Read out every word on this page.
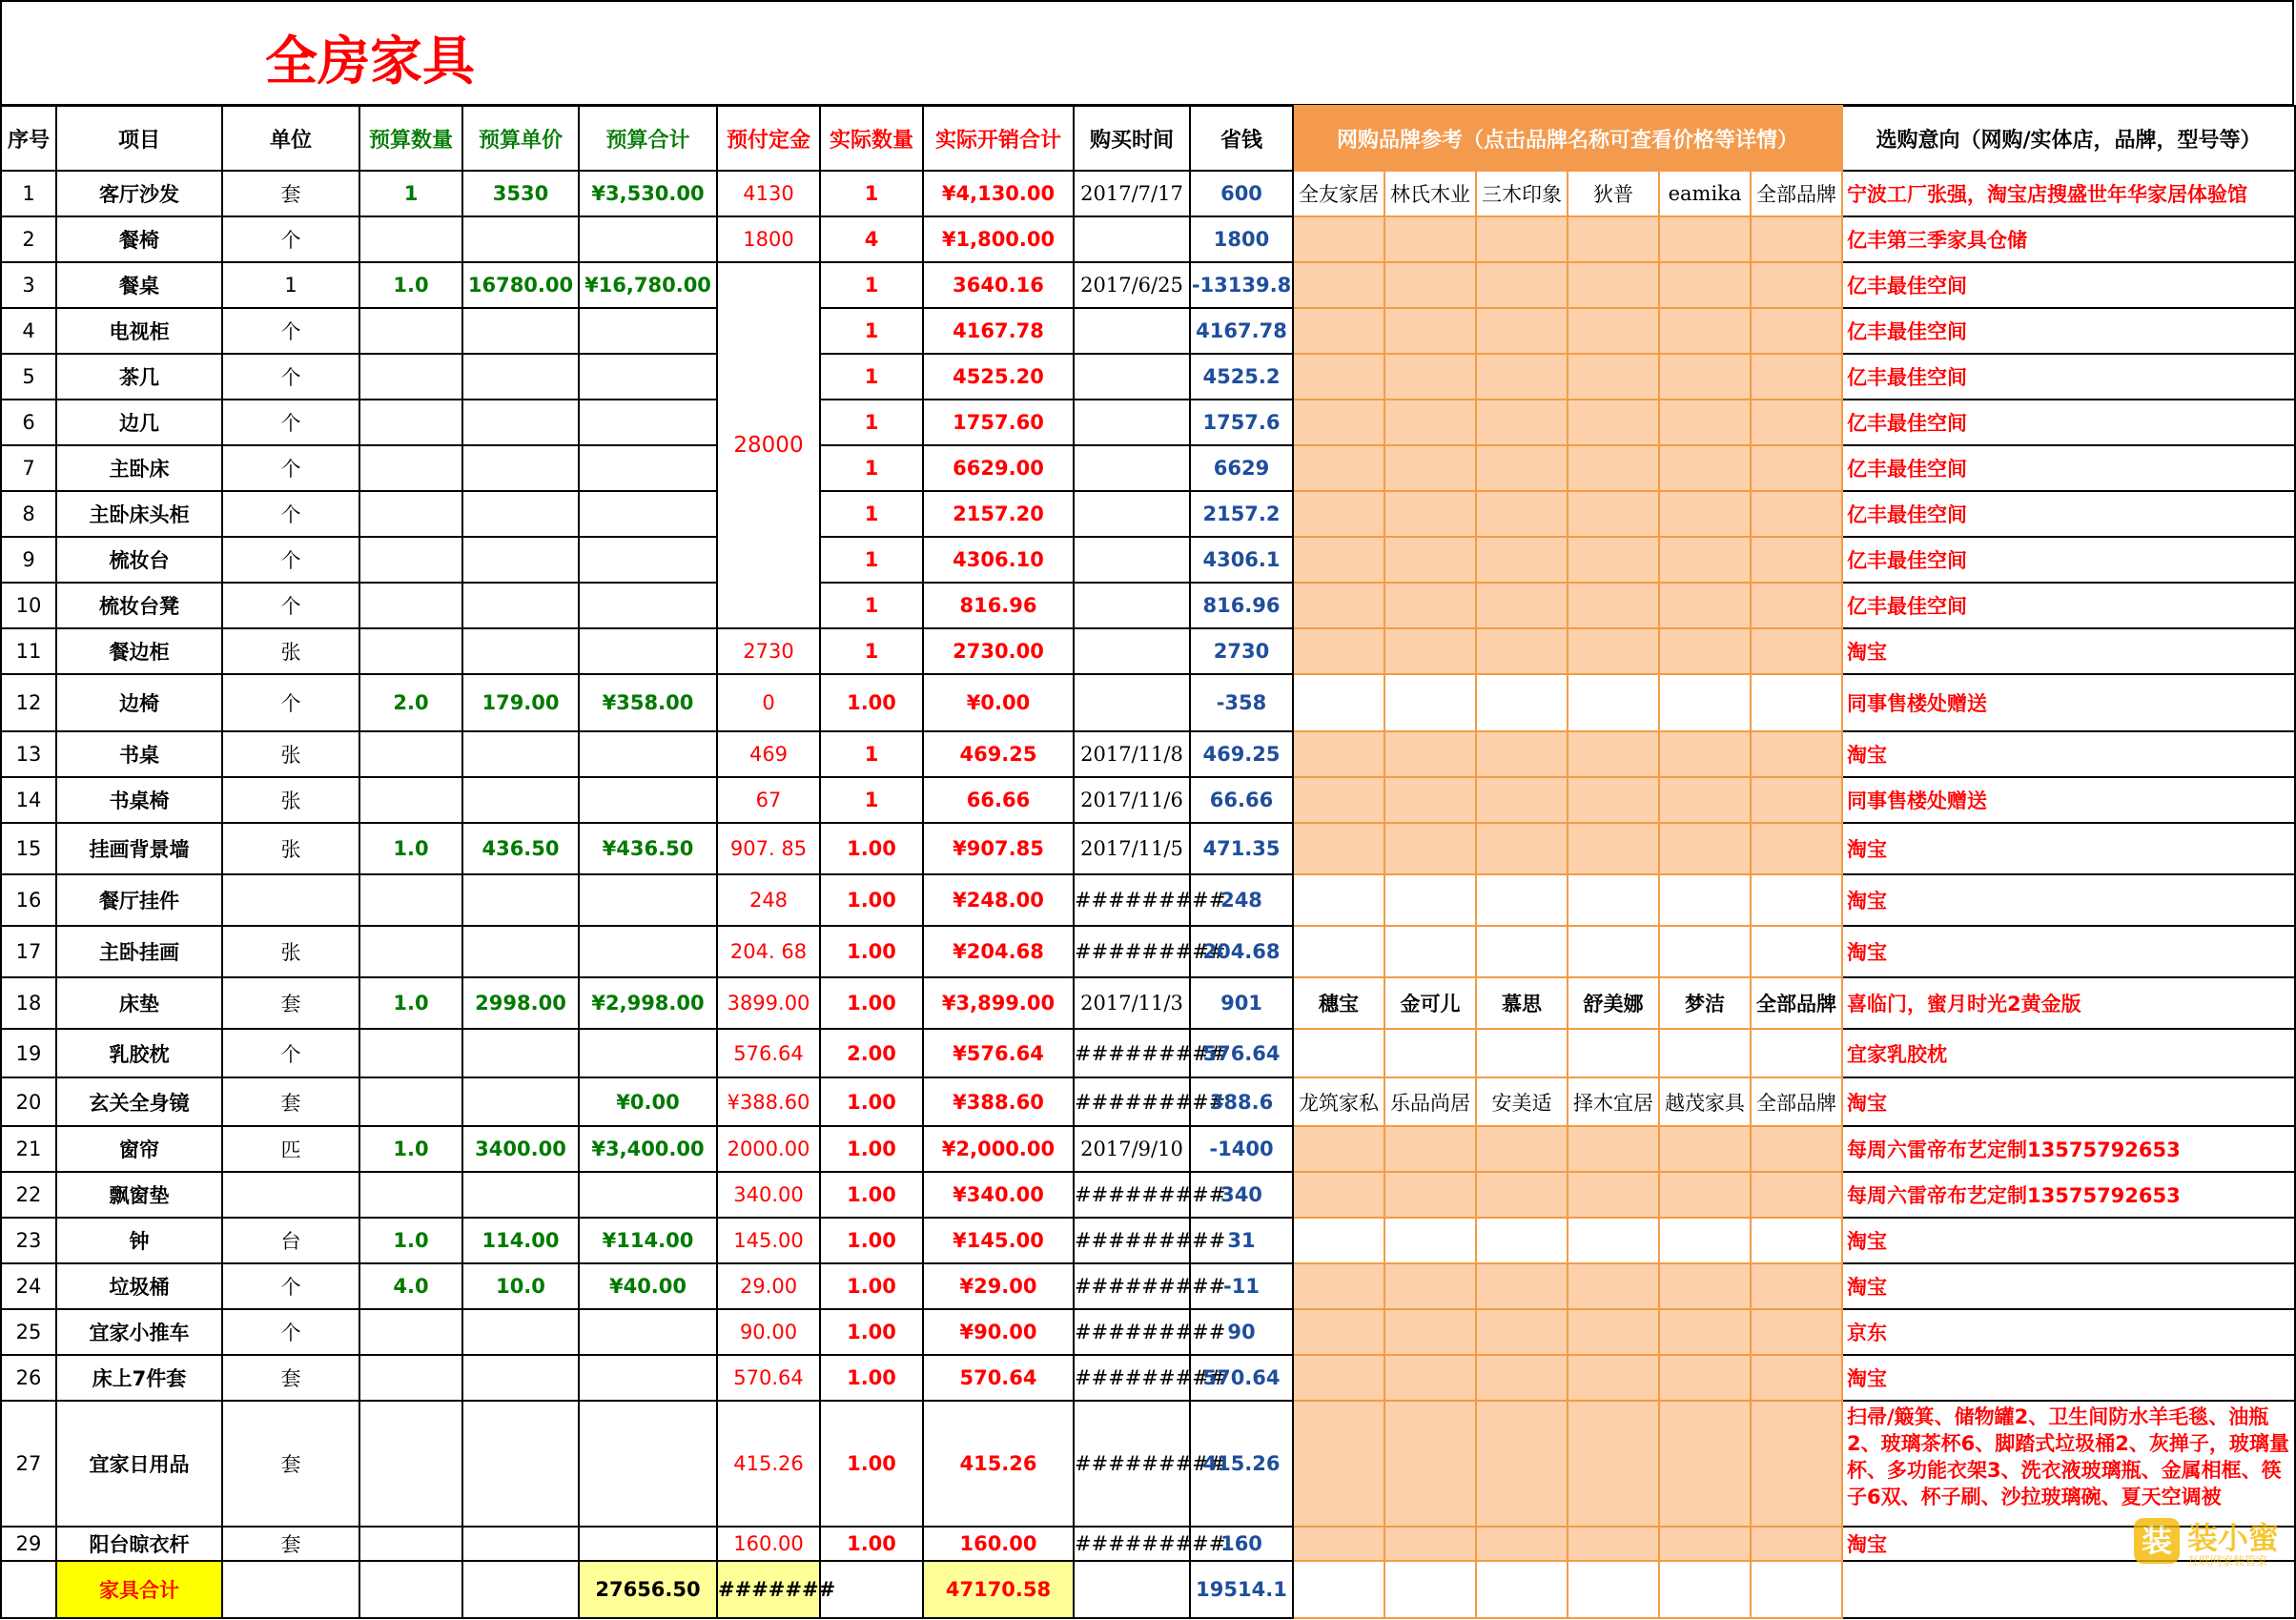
全房家具
序号	项目	单位	预算数量	预算单价	预算合计	预付定金	实际数量	实际开销合计	购买时间	省钱	网购品牌参考（点击品牌名称可查看价格等详情）						选购意向（网购/实体店，品牌，型号等）
1	客厅沙发	套	1	3530	¥3,530.00	4130	1	¥4,130.00	2017/7/17	600	全友家居	林氏木业	三木印象	狄普	eamika	全部品牌	宁波工厂张强，淘宝店搜盛世年华家居体验馆
2	餐椅	个				1800	4	¥1,800.00		1800							亿丰第三季家具仓储
3	餐桌	1	1.0	16780.00	¥16,780.00	28000	1	3640.16	2017/6/25	-13139.8							亿丰最佳空间
4	电视柜	个					1	4167.78		4167.78							亿丰最佳空间
5	茶几	个					1	4525.20		4525.2							亿丰最佳空间
6	边几	个					1	1757.60		1757.6							亿丰最佳空间
7	主卧床	个					1	6629.00		6629							亿丰最佳空间
8	主卧床头柜	个					1	2157.20		2157.2							亿丰最佳空间
9	梳妆台	个					1	4306.10		4306.1							亿丰最佳空间
10	梳妆台凳	个					1	816.96		816.96							亿丰最佳空间
11	餐边柜	张				2730	1	2730.00		2730							淘宝
12	边椅	个	2.0	179.00	¥358.00	0	1.00	¥0.00		-358							同事售楼处赠送
13	书桌	张				469	1	469.25	2017/11/8	469.25							淘宝
14	书桌椅	张				67	1	66.66	2017/11/6	66.66							同事售楼处赠送
15	挂画背景墙	张	1.0	436.50	¥436.50	907. 85	1.00	¥907.85	2017/11/5	471.35							淘宝
16	餐厅挂件					248	1.00	¥248.00	#########	248							淘宝
17	主卧挂画	张				204. 68	1.00	¥204.68	#########	204.68							淘宝
18	床垫	套	1.0	2998.00	¥2,998.00	3899.00	1.00	¥3,899.00	2017/11/3	901	穗宝	金可儿	慕思	舒美娜	梦洁	全部品牌	喜临门，蜜月时光2黄金版
19	乳胶枕	个				576.64	2.00	¥576.64	#########	576.64							宜家乳胶枕
20	玄关全身镜	套			¥0.00	¥388.60	1.00	¥388.60	#########	388.6	龙筑家私	乐品尚居	安美适	择木宜居	越茂家具	全部品牌	淘宝
21	窗帘	匹	1.0	3400.00	¥3,400.00	2000.00	1.00	¥2,000.00	2017/9/10	-1400							每周六雷帝布艺定制13575792653
22	飘窗垫					340.00	1.00	¥340.00	#########	340							每周六雷帝布艺定制13575792653
23	钟	台	1.0	114.00	¥114.00	145.00	1.00	¥145.00	#########	31							淘宝
24	垃圾桶	个	4.0	10.0	¥40.00	29.00	1.00	¥29.00	#########	-11							淘宝
25	宜家小推车	个				90.00	1.00	¥90.00	#########	90							京东
26	床上7件套	套				570.64	1.00	570.64	#########	570.64							淘宝
27	宜家日用品	套				415.26	1.00	415.26	#########	415.26							扫帚/簸箕、储物罐2、卫生间防水羊毛毯、油瓶2、玻璃茶杯6、脚踏式垃圾桶2、灰掸子，玻璃量杯、多功能衣架3、洗衣液玻璃瓶、金属相框、筷子6双、杯子刷、沙拉玻璃碗、夏天空调被
29	阳台晾衣杆	套				160.00	1.00	160.00	#########	160							淘宝
	家具合计				27656.50	#######		47170.58		19514.1							
装 装小蜜
互联网家装管家
